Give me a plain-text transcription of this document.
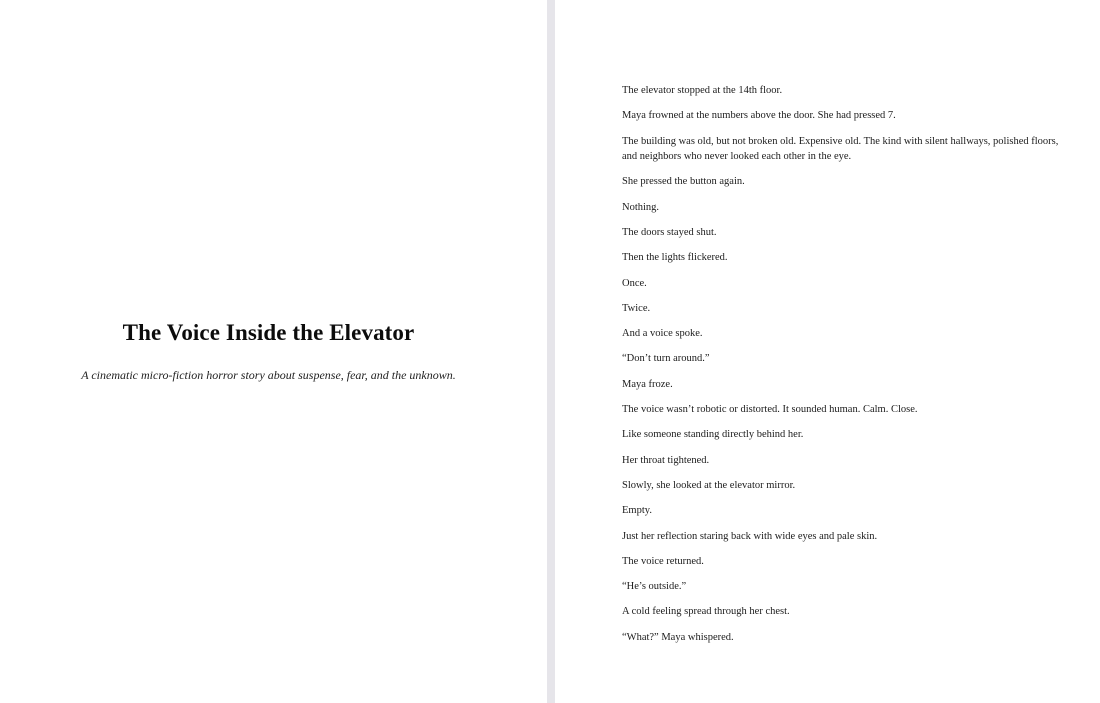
The Voice Inside the Elevator

A cinematic micro-fiction horror story about suspense, fear, and the unknown.

The elevator stopped at the 14th floor.

Maya frowned at the numbers above the door. She had pressed 7.

The building was old, but not broken old. Expensive old. The kind with silent hallways, polished floors, and neighbors who never looked each other in the eye.

She pressed the button again.

Nothing.

The doors stayed shut.

Then the lights flickered.

Once.

Twice.

And a voice spoke.

“Don’t turn around.”

Maya froze.

The voice wasn’t robotic or distorted. It sounded human. Calm. Close.

Like someone standing directly behind her.

Her throat tightened.

Slowly, she looked at the elevator mirror.

Empty.

Just her reflection staring back with wide eyes and pale skin.

The voice returned.

“He’s outside.”

A cold feeling spread through her chest.

“What?” Maya whispered.
